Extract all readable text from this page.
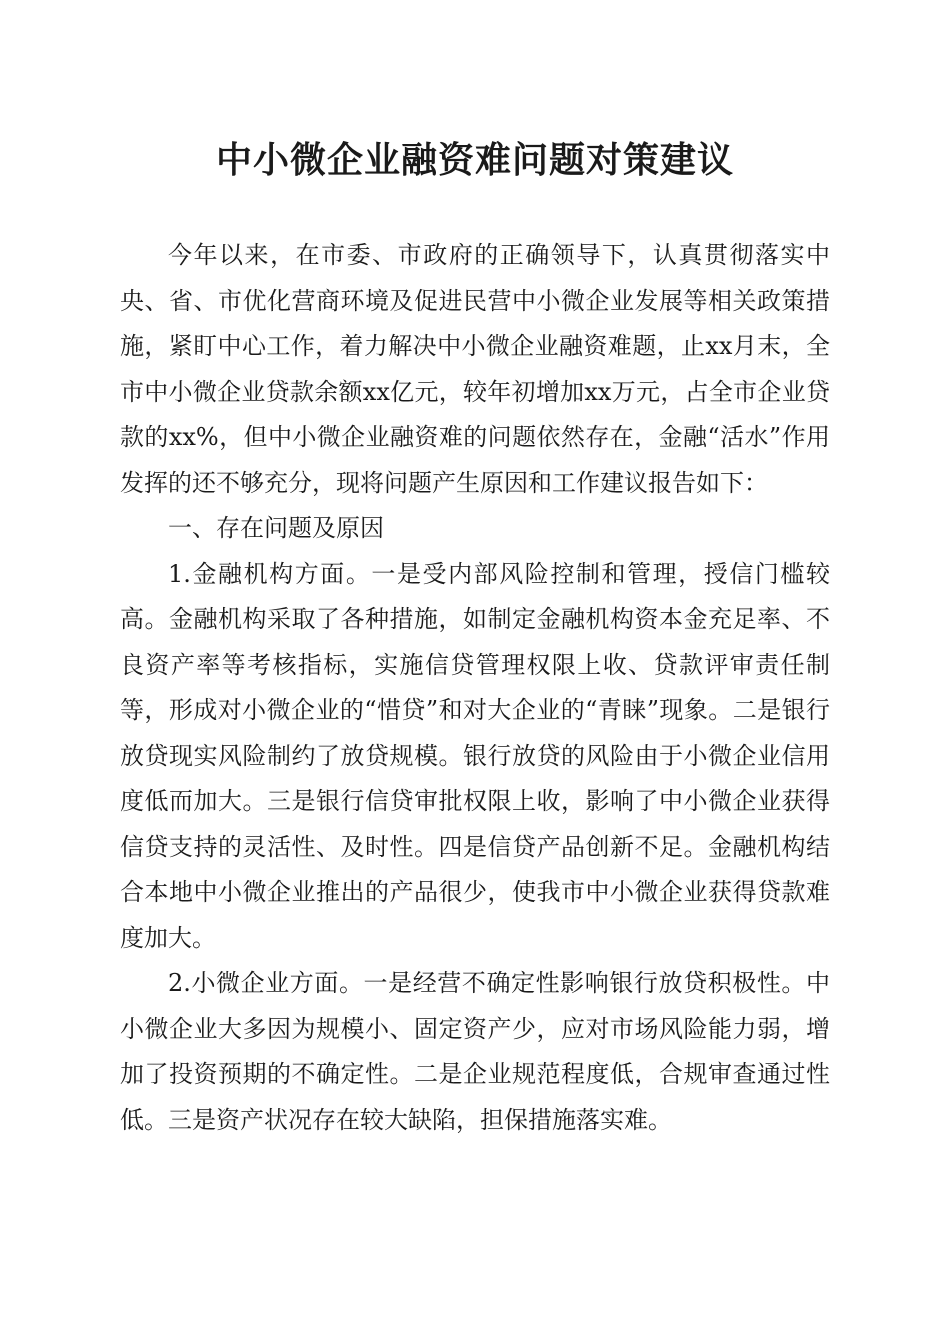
中小微企业融资难问题对策建议

今年以来，在市委、市政府的正确领导下，认真贯彻落实中央、省、市优化营商环境及促进民营中小微企业发展等相关政策措施，紧盯中心工作，着力解决中小微企业融资难题，止xx月末，全市中小微企业贷款余额xx亿元，较年初增加xx万元，占全市企业贷款的xx%，但中小微企业融资难的问题依然存在，金融“活水”作用发挥的还不够充分，现将问题产生原因和工作建议报告如下：

一、存在问题及原因

1.金融机构方面。一是受内部风险控制和管理，授信门槛较高。金融机构采取了各种措施，如制定金融机构资本金充足率、不良资产率等考核指标，实施信贷管理权限上收、贷款评审责任制等，形成对小微企业的“惜贷”和对大企业的“青睐”现象。二是银行放贷现实风险制约了放贷规模。银行放贷的风险由于小微企业信用度低而加大。三是银行信贷审批权限上收，影响了中小微企业获得信贷支持的灵活性、及时性。四是信贷产品创新不足。金融机构结合本地中小微企业推出的产品很少，使我市中小微企业获得贷款难度加大。

2.小微企业方面。一是经营不确定性影响银行放贷积极性。中小微企业大多因为规模小、固定资产少，应对市场风险能力弱，增加了投资预期的不确定性。二是企业规范程度低，合规审查通过性低。三是资产状况存在较大缺陷，担保措施落实难。
